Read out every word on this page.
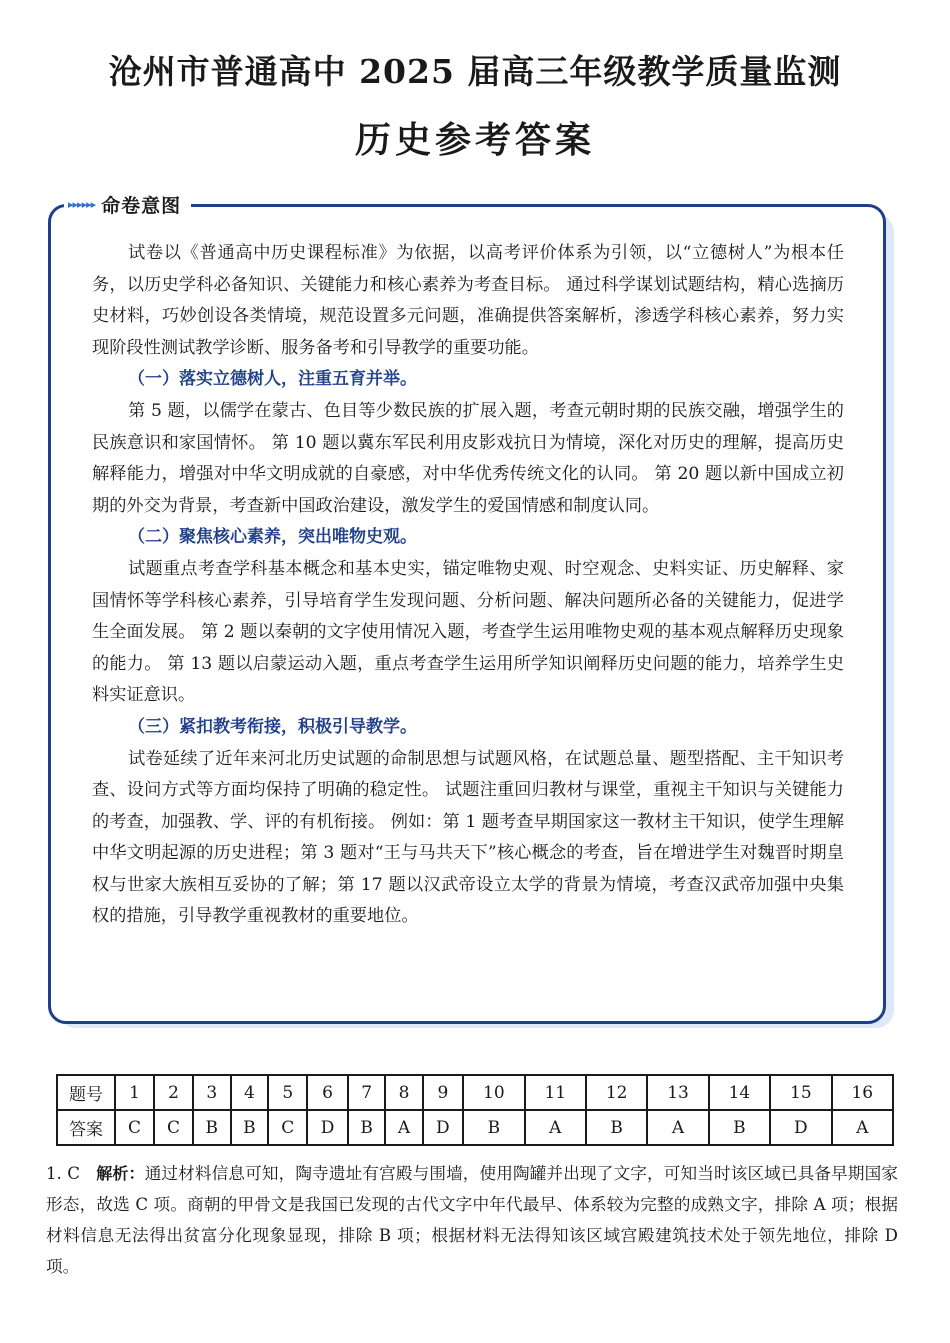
沧州市普通高中 2025 届高三年级教学质量监测
历史参考答案
▸▸▸▸▸▸ 命卷意图

试卷以《普通高中历史课程标准》为依据，以高考评价体系为引领，以“立德树人”为根本任务，以历史学科必备知识、关键能力和核心素养为考查目标。 通过科学谋划试题结构，精心选摘历史材料，巧妙创设各类情境，规范设置多元问题，准确提供答案解析，渗透学科核心素养，努力实现阶段性测试教学诊断、服务备考和引导教学的重要功能。

（一）落实立德树人，注重五育并举。

第 5 题，以儒学在蒙古、色目等少数民族的扩展入题，考查元朝时期的民族交融，增强学生的民族意识和家国情怀。 第 10 题以冀东军民利用皮影戏抗日为情境，深化对历史的理解，提高历史解释能力，增强对中华文明成就的自豪感，对中华优秀传统文化的认同。 第 20 题以新中国成立初期的外交为背景，考查新中国政治建设，激发学生的爱国情感和制度认同。

（二）聚焦核心素养，突出唯物史观。

试题重点考查学科基本概念和基本史实，锚定唯物史观、时空观念、史料实证、历史解释、家国情怀等学科核心素养，引导培育学生发现问题、分析问题、解决问题所必备的关键能力，促进学生全面发展。 第 2 题以秦朝的文字使用情况入题，考查学生运用唯物史观的基本观点解释历史现象的能力。 第 13 题以启蒙运动入题，重点考查学生运用所学知识阐释历史问题的能力，培养学生史料实证意识。

（三）紧扣教考衔接，积极引导教学。

试卷延续了近年来河北历史试题的命制思想与试题风格，在试题总量、题型搭配、主干知识考查、设问方式等方面均保持了明确的稳定性。 试题注重回归教材与课堂，重视主干知识与关键能力的考查，加强教、学、评的有机衔接。 例如：第 1 题考查早期国家这一教材主干知识，使学生理解中华文明起源的历史进程；第 3 题对“王与马共天下”核心概念的考查，旨在增进学生对魏晋时期皇权与世家大族相互妥协的了解；第 17 题以汉武帝设立太学的背景为情境，考查汉武帝加强中央集权的措施，引导教学重视教材的重要地位。

题号	1	2	3	4	5	6	7	8	9	10	11	12	13	14	15	16
答案	C	C	B	B	C	D	B	A	D	B	A	B	A	B	D	A
1. C 解析：通过材料信息可知，陶寺遗址有宫殿与围墙，使用陶罐并出现了文字，可知当时该区域已具备早期国家形态，故选 C 项。商朝的甲骨文是我国已发现的古代文字中年代最早、体系较为完整的成熟文字，排除 A 项；根据材料信息无法得出贫富分化现象显现，排除 B 项；根据材料无法得知该区域宫殿建筑技术处于领先地位，排除 D 项。
